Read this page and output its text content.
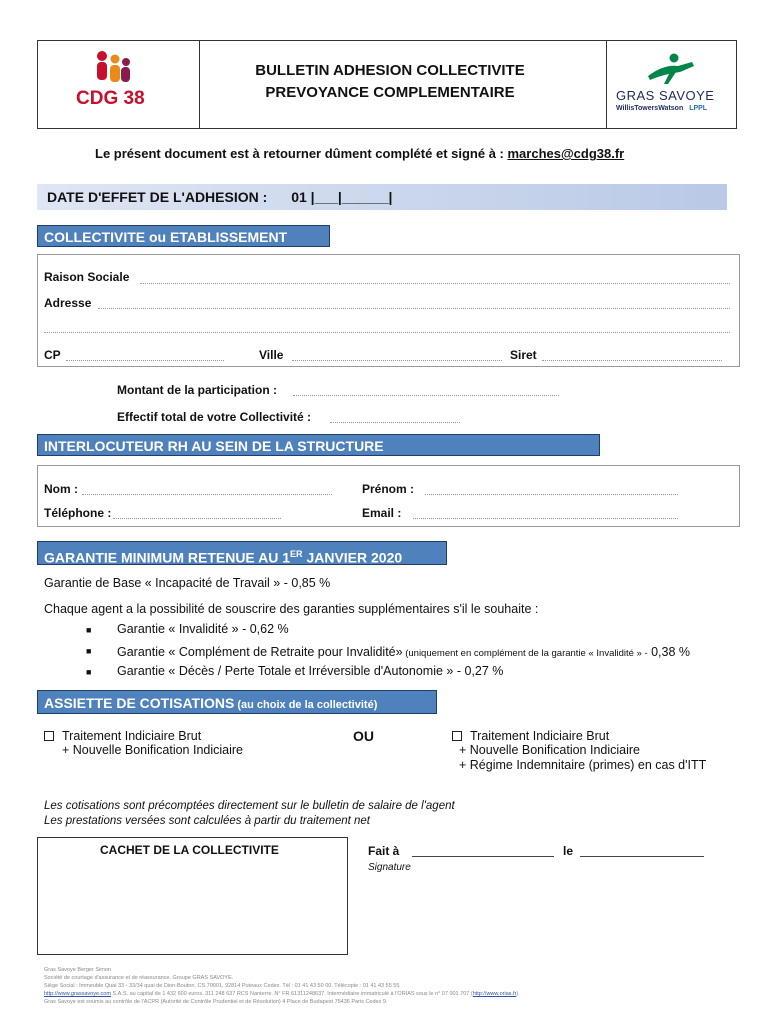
CDG 38
BULLETIN ADHESION COLLECTIVITE
PREVOYANCE COMPLEMENTAIRE	GRAS SAVOYE
WillisTowersWatson LPPL
Le présent document est à retourner dûment complété et signé à : marches@cdg38.fr
DATE D'EFFET DE L'ADHESION : 01 |___|______|
COLLECTIVITE ou ETABLISSEMENT
Raison Sociale
Adresse
CP	Ville	Siret
Montant de la participation :
Effectif total de votre Collectivité :
INTERLOCUTEUR RH AU SEIN DE LA STRUCTURE
Nom :	Prénom :
Téléphone :	Email :
GARANTIE MINIMUM RETENUE AU 1ER JANVIER 2020
Garantie de Base « Incapacité de Travail » - 0,85 %
Chaque agent a la possibilité de souscrire des garanties supplémentaires s'il le souhaite :
■ Garantie « Invalidité » - 0,62 %
■ Garantie « Complément de Retraite pour Invalidité» (uniquement en complément de la garantie « Invalidité » - 0,38 %
■ Garantie « Décès / Perte Totale et Irréversible d'Autonomie » - 0,27 %
ASSIETTE DE COTISATIONS (au choix de la collectivité)
Traitement Indiciaire Brut
+ Nouvelle Bonification Indiciaire
OU	Traitement Indiciaire Brut
+ Nouvelle Bonification Indiciaire
+ Régime Indemnitaire (primes) en cas d'ITT
Les cotisations sont précomptées directement sur le bulletin de salaire de l'agent
Les prestations versées sont calculées à partir du traitement net
CACHET DE LA COLLECTIVITE	Fait à	le
Signature
Gras Savoye Berger Simon
Société de courtage d'assurance et de réassurance. Groupe GRAS SAVOYE.
Siège Social : Immeuble Quai 33 - 33/34 quai de Dion-Bouton, CS 70001, 92814 Puteaux Cedex. Tél : 01 41 43 50 00. Télécopie : 01 41 43 55 55
http://www.grassavoye.com S.A.S. au capital de 1 432 600 euros. 311 248 637 RCS Nanterre. N° FR 61311248637. Intermédiaire immatriculé à l'ORIAS sous le n° 07 001 707 (http://www.orias.fr).
Gras Savoye est soumis au contrôle de l'ACPR (Autorité de Contrôle Prudentiel et de Résolution) 4 Place de Budapest 75436 Paris Cedex 9.
